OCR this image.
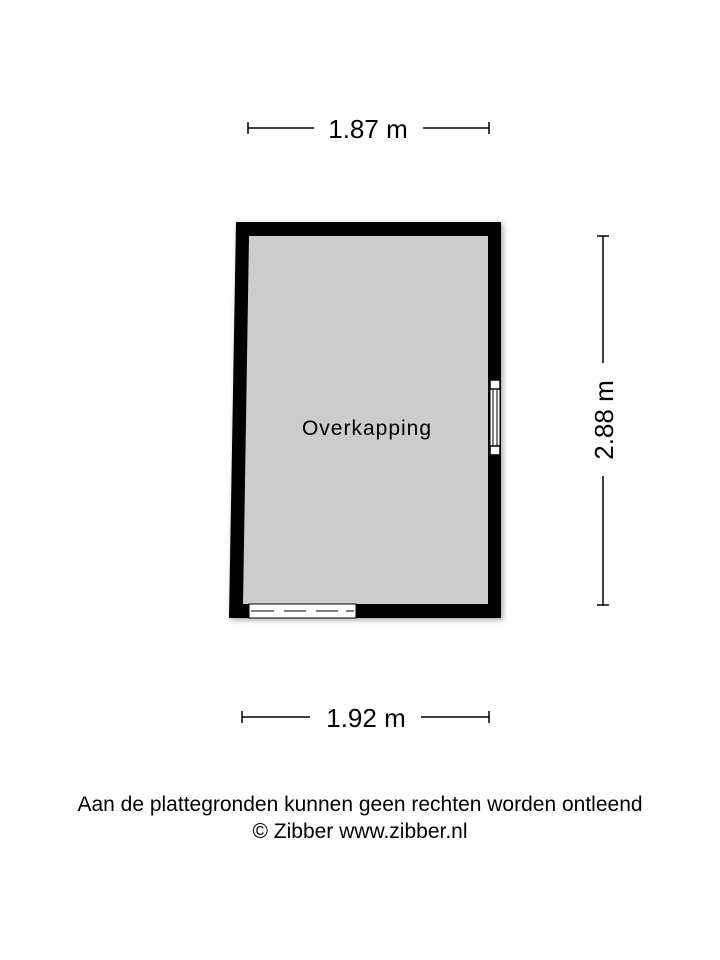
1.87 m
Overkapping	2.88 m
1.92 m
Aan de plattegronden kunnen geen rechten worden ontleend
© Zibber www.zibber.nl
